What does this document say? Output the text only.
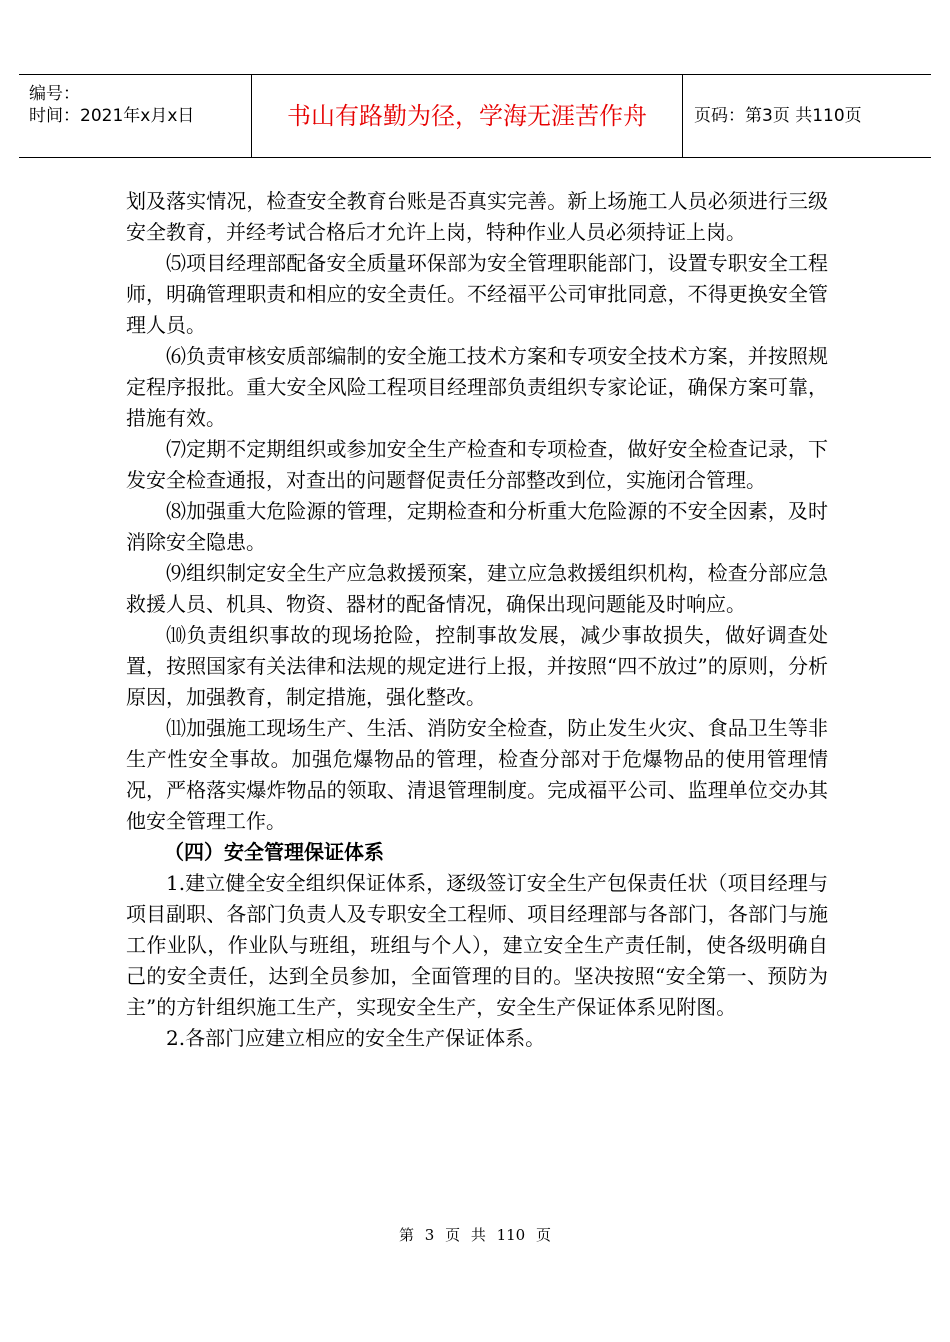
编号：
时间：2021年x月x日	书山有路勤为径，学海无涯苦作舟	页码：第3页 共110页

划及落实情况，检查安全教育台账是否真实完善。新上场施工人员必须进行三级安全教育，并经考试合格后才允许上岗，特种作业人员必须持证上岗。

⑸项目经理部配备安全质量环保部为安全管理职能部门，设置专职安全工程师，明确管理职责和相应的安全责任。不经福平公司审批同意，不得更换安全管理人员。

⑹负责审核安质部编制的安全施工技术方案和专项安全技术方案，并按照规定程序报批。重大安全风险工程项目经理部负责组织专家论证，确保方案可靠，措施有效。

⑺定期不定期组织或参加安全生产检查和专项检查，做好安全检查记录，下发安全检查通报，对查出的问题督促责任分部整改到位，实施闭合管理。

⑻加强重大危险源的管理，定期检查和分析重大危险源的不安全因素，及时消除安全隐患。

⑼组织制定安全生产应急救援预案，建立应急救援组织机构，检查分部应急救援人员、机具、物资、器材的配备情况，确保出现问题能及时响应。

⑽负责组织事故的现场抢险，控制事故发展，减少事故损失，做好调查处置，按照国家有关法律和法规的规定进行上报，并按照“四不放过”的原则，分析原因，加强教育，制定措施，强化整改。

⑾加强施工现场生产、生活、消防安全检查，防止发生火灾、食品卫生等非生产性安全事故。加强危爆物品的管理，检查分部对于危爆物品的使用管理情况，严格落实爆炸物品的领取、清退管理制度。完成福平公司、监理单位交办其他安全管理工作。

（四）安全管理保证体系

1.建立健全安全组织保证体系，逐级签订安全生产包保责任状（项目经理与项目副职、各部门负责人及专职安全工程师、项目经理部与各部门，各部门与施工作业队，作业队与班组，班组与个人），建立安全生产责任制，使各级明确自己的安全责任，达到全员参加，全面管理的目的。坚决按照“安全第一、预防为主”的方针组织施工生产，实现安全生产，安全生产保证体系见附图。

2.各部门应建立相应的安全生产保证体系。

第 3 页 共 110 页
